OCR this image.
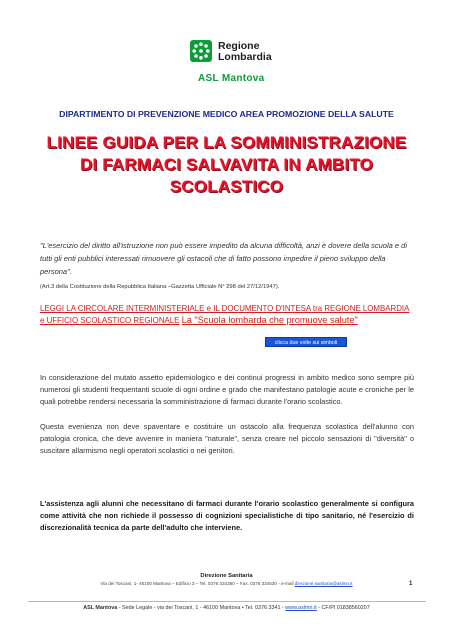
Regione
Lombardia
ASL Mantova
DIPARTIMENTO DI PREVENZIONE MEDICO AREA PROMOZIONE DELLA SALUTE
LINEE GUIDA PER LA SOMMINISTRAZIONE
DI FARMACI SALVAVITA IN AMBITO
SCOLASTICO
"L'esercizio del diritto all'istruzione non può essere impedito da alcuna difficoltà, anzi è dovere della scuola e di tutti gli enti pubblici interessati rimuovere gli ostacoli che di fatto possono impedire il pieno sviluppo della persona".
(Art.3 della Costituzione della Repubblica Italiana –Gazzetta Ufficiale N° 298 del 27/12/1947).
LEGGI LA CIRCOLARE INTERMINISTERIALE e IL DOCUMENTO D'INTESA tra REGIONE LOMBARDIA e UFFICIO SCOLASTICO REGIONALE La "Scuola lombarda che promuove salute"
clicca due volte sui simboli
In considerazione del mutato assetto epidemiologico e dei continui progressi in ambito medico sono sempre più numerosi gli studenti frequentanti scuole di ogni ordine e grado che manifestano patologie acute e croniche per le quali potrebbe rendersi necessaria la somministrazione di farmaci durante l'orario scolastico.
Questa evenienza non deve spaventare e costituire un ostacolo alla frequenza scolastica dell'alunno con patologia cronica, che deve avvenire in maniera "naturale", senza creare nel piccolo sensazioni di "diversità" o suscitare allarmismo negli operatori scolastici o nei genitori.
L'assistenza agli alunni che necessitano di farmaci durante l'orario scolastico generalmente si configura come attività che non richiede il possesso di cognizioni specialistiche di tipo sanitario, né l'esercizio di discrezionalità tecnica da parte dell'adulto che interviene.
Direzione Sanitaria
Via dei Toscani, 1- 46100 Mantova – Edificio 3 – Tel. 0376 334380 – Fax. 0376 334530 - e-mail direzione.sanitaria@aslmn.it	1
ASL Mantova - Sede Legale - via dei Toscani, 1 - 46100 Mantova • Tel. 0376 3341 - www.aslmn.it - CF/PI 01838560207
